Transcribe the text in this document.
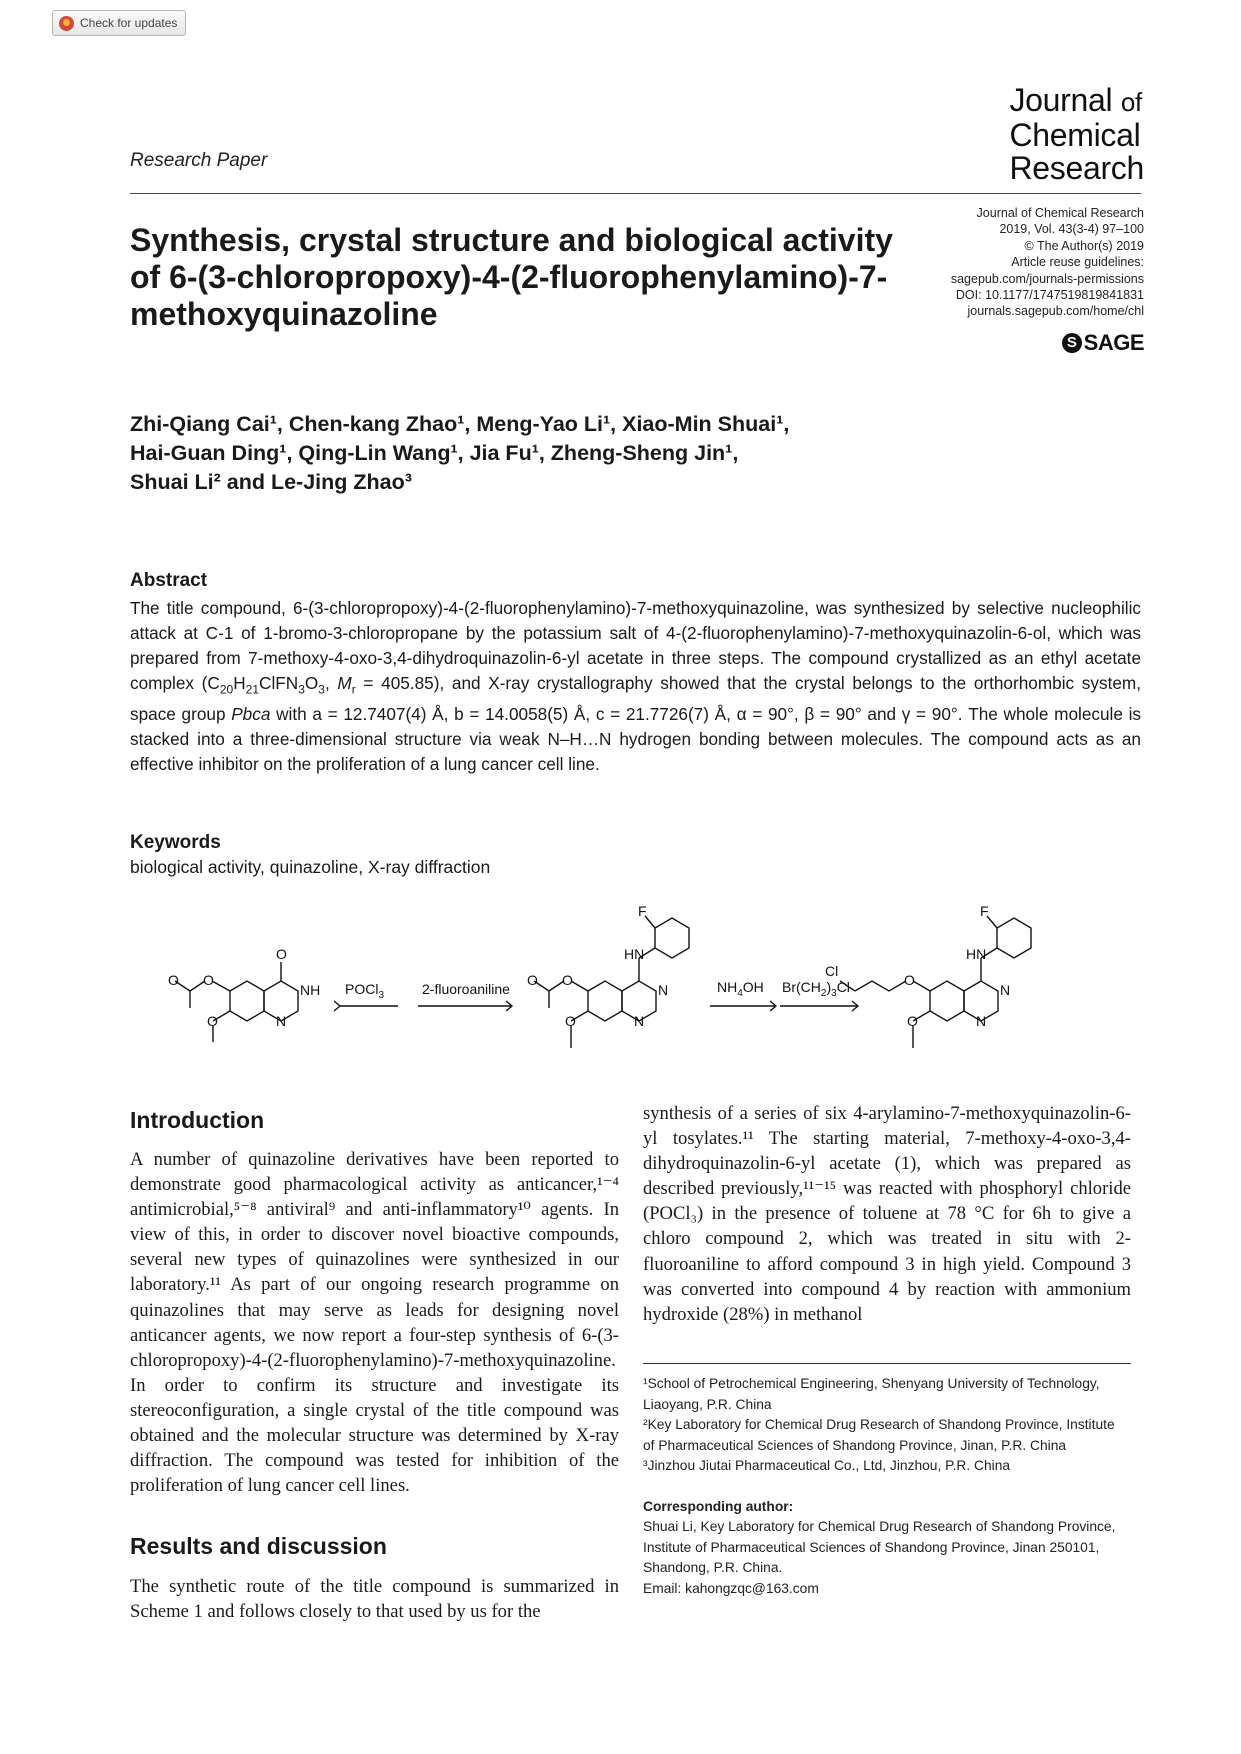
Check for updates
Research Paper
Journal of
Chemical
Research
Journal of Chemical Research
2019, Vol. 43(3-4) 97–100
© The Author(s) 2019
Article reuse guidelines:
sagepub.com/journals-permissions
DOI: 10.1177/1747519819841831
journals.sagepub.com/home/chl
S SAGE
Synthesis, crystal structure and biological activity of 6-(3-chloropropoxy)-4-(2-fluorophenylamino)-7-methoxyquinazoline
Zhi-Qiang Cai¹, Chen-kang Zhao¹, Meng-Yao Li¹, Xiao-Min Shuai¹,
Hai-Guan Ding¹, Qing-Lin Wang¹, Jia Fu¹, Zheng-Sheng Jin¹,
Shuai Li² and Le-Jing Zhao³
Abstract
The title compound, 6-(3-chloropropoxy)-4-(2-fluorophenylamino)-7-methoxyquinazoline, was synthesized by selective nucleophilic attack at C-1 of 1-bromo-3-chloropropane by the potassium salt of 4-(2-fluorophenylamino)-7-methoxyquinazolin-6-ol, which was prepared from 7-methoxy-4-oxo-3,4-dihydroquinazolin-6-yl acetate in three steps. The compound crystallized as an ethyl acetate complex ($C_{20}H_{21}ClFN_3O_3$, $M_r = 405.85$), and X-ray crystallography showed that the crystal belongs to the orthorhombic system, space group Pbca with a = 12.7407(4) Å, b = 14.0058(5) Å, c = 21.7726(7) Å, α = 90°, β = 90° and γ = 90°. The whole molecule is stacked into a three-dimensional structure via weak N–H…N hydrogen bonding between molecules. The compound acts as an effective inhibitor on the proliferation of a lung cancer cell line.
Keywords
biological activity, quinazoline, X-ray diffraction
O O
O
NH
N
O
O O
N
N
HN
F
O
Cl
O
N
N
HN
F
O
POCl$_3$	2-fluoroaniline	$NH_4OH$ $Br(CH_2)_3Cl$
Introduction
A number of quinazoline derivatives have been reported to demonstrate good pharmacological activity as anticancer,¹⁻⁴ antimicrobial,⁵⁻⁸ antiviral⁹ and anti-inflammatory¹⁰ agents. In view of this, in order to discover novel bioactive compounds, several new types of quinazolines were synthesized in our laboratory.¹¹ As part of our ongoing research programme on quinazolines that may serve as leads for designing novel anticancer agents, we now report a four-step synthesis of 6-(3-chloropropoxy)-4-(2-fluorophenylamino)-7-methoxyquinazoline. In order to confirm its structure and investigate its stereoconfiguration, a single crystal of the title compound was obtained and the molecular structure was determined by X-ray diffraction. The compound was tested for inhibition of the proliferation of lung cancer cell lines.
Results and discussion
The synthetic route of the title compound is summarized in Scheme 1 and follows closely to that used by us for the
synthesis of a series of six 4-arylamino-7-methoxyquinazolin-6-yl tosylates.¹¹ The starting material, 7-methoxy-4-oxo-3,4-dihydroquinazolin-6-yl acetate (1), which was prepared as described previously,¹¹⁻¹⁵ was reacted with phosphoryl chloride (POCl₃) in the presence of toluene at 78 °C for 6h to give a chloro compound 2, which was treated in situ with 2-fluoroaniline to afford compound 3 in high yield. Compound 3 was converted into compound 4 by reaction with ammonium hydroxide (28%) in methanol
¹School of Petrochemical Engineering, Shenyang University of Technology, Liaoyang, P.R. China
²Key Laboratory for Chemical Drug Research of Shandong Province, Institute of Pharmaceutical Sciences of Shandong Province, Jinan, P.R. China
³Jinzhou Jiutai Pharmaceutical Co., Ltd, Jinzhou, P.R. China
Corresponding author:
Shuai Li, Key Laboratory for Chemical Drug Research of Shandong Province, Institute of Pharmaceutical Sciences of Shandong Province, Jinan 250101, Shandong, P.R. China.
Email: kahongzqc@163.com
